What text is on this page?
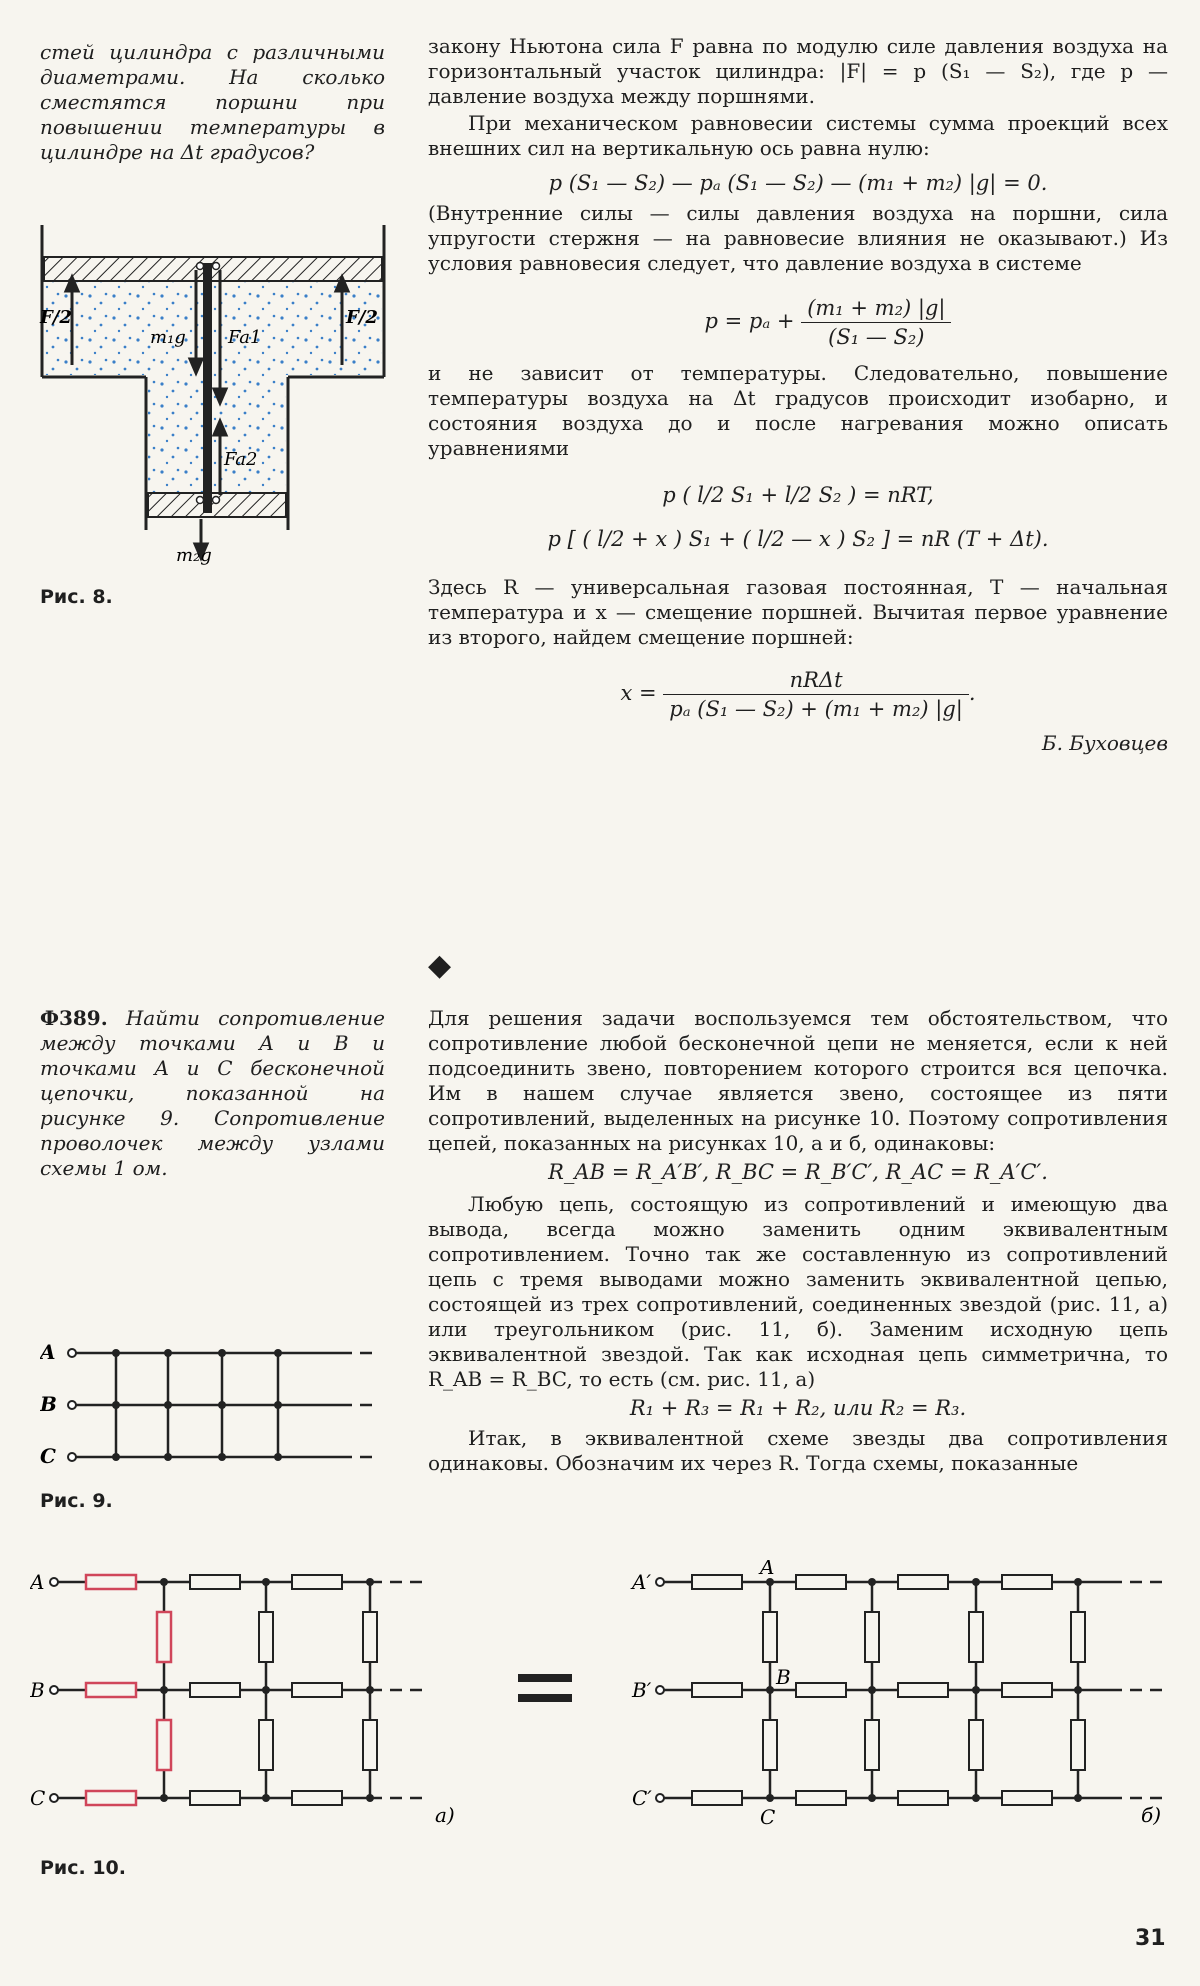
стей цилиндра с различными диаметрами. На сколько сместятся поршни при повышении температуры в цилиндре на Δt градусов?
F/2	F/2
m₁g Fa1
Fa2
m₂g
Рис. 8.
Ф389. Найти сопротивление между точками A и B и точками A и C бесконечной цепочки, показанной на рисунке 9. Сопротивление проволочек между узлами схемы 1 ом.
A
B
C
Рис. 9.

закону Ньютона сила F равна по модулю силе давления воздуха на горизонтальный участок цилиндра: |F| = p (S₁ — S₂), где p — давление воздуха между поршнями.

При механическом равновесии системы сумма проекций всех внешних сил на вертикальную ось равна нулю:

p (S₁ — S₂) — pₐ (S₁ — S₂) — (m₁ + m₂) |g| = 0.

(Внутренние силы — силы давления воздуха на поршни, сила упругости стержня — на равновесие влияния не оказывают.) Из условия равновесия следует, что давление воздуха в системе

$p = p_a + \frac{\text{(m₁ + m₂) |g|}}{\text{(S₁ — S₂)}}$

и не зависит от температуры. Следовательно, повышение температуры воздуха на Δt градусов происходит изобарно, и состояния воздуха до и после нагревания можно описать уравнениями

p ( l/2 S₁ + l/2 S₂ ) = nRT,
p [ ( l/2 + x ) S₁ + ( l/2 — x ) S₂ ] = nR (T + Δt).

Здесь R — универсальная газовая постоянная, T — начальная температура и x — смещение поршней. Вычитая первое уравнение из второго, найдем смещение поршней:

$x = \frac{\text{nRΔt}}{\text{pₐ (S₁ — S₂) + (m₁ + m₂) |g|}}$ .
Б. Буховцев
◆

Для решения задачи воспользуемся тем обстоятельством, что сопротивление любой бесконечной цепи не меняется, если к ней подсоединить звено, повторением которого строится вся цепочка. Им в нашем случае является звено, состоящее из пяти сопротивлений, выделенных на рисунке 10. Поэтому сопротивления цепей, показанных на рисунках 10, а и б, одинаковы:

R_AB = R_A′B′, R_BC = R_B′C′, R_AC = R_A′C′.

Любую цепь, состоящую из сопротивлений и имеющую два вывода, всегда можно заменить одним эквивалентным сопротивлением. Точно так же составленную из сопротивлений цепь с тремя выводами можно заменить эквивалентной цепью, состоящей из трех сопротивлений, соединенных звездой (рис. 11, а) или треугольником (рис. 11, б). Заменим исходную цепь эквивалентной звездой. Так как исходная цепь симметрична, то R_AB = R_BC, то есть (см. рис. 11, а)

R₁ + R₃ = R₁ + R₂, или R₂ = R₃.

Итак, в эквивалентной схеме звезды два сопротивления одинаковы. Обозначим их через R. Тогда схемы, показанные

A
B
C
а)
A′
B′
C′
A
B
C	б)
Рис. 10.
31
